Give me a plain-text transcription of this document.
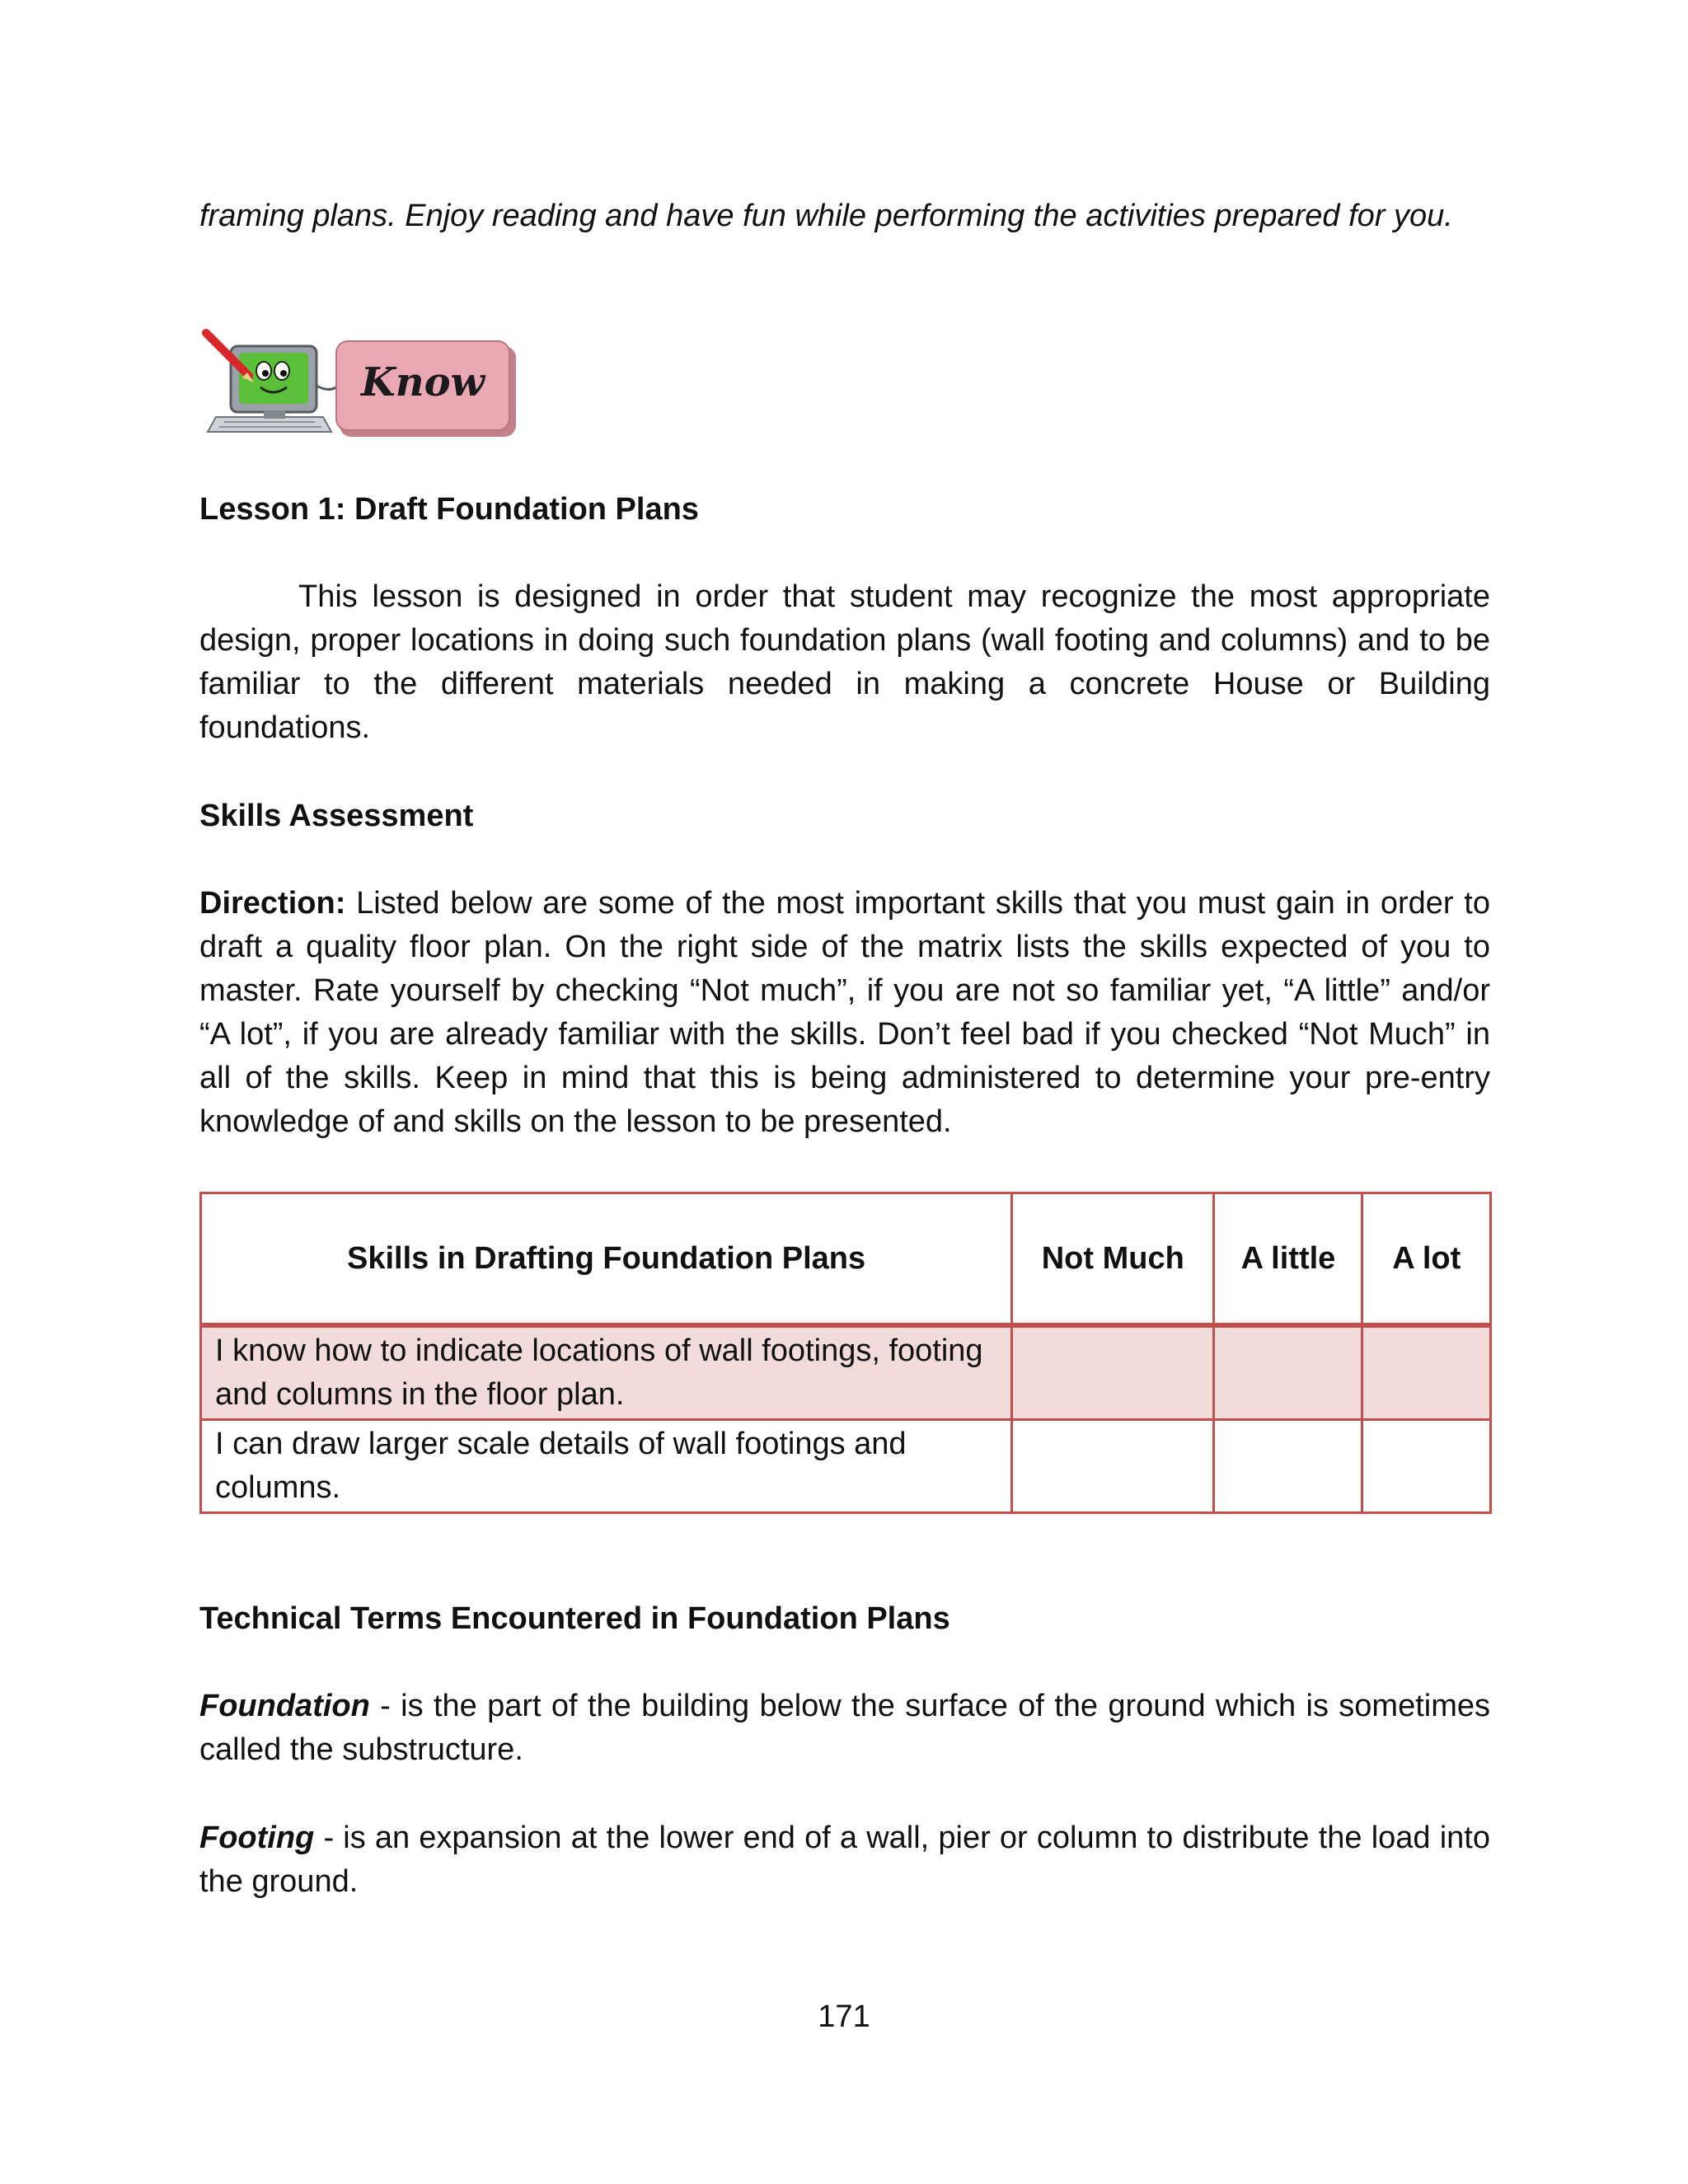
framing plans. Enjoy reading and have fun while performing the activities prepared for you.

Know

Lesson 1: Draft Foundation Plans

This lesson is designed in order that student may recognize the most appropriate design, proper locations in doing such foundation plans (wall footing and columns) and to be familiar to the different materials needed in making a concrete House or Building foundations.

Skills Assessment

Direction: Listed below are some of the most important skills that you must gain in order to draft a quality floor plan. On the right side of the matrix lists the skills expected of you to master. Rate yourself by checking “Not much”, if you are not so familiar yet, “A little” and/or “A lot”, if you are already familiar with the skills. Don’t feel bad if you checked “Not Much” in all of the skills. Keep in mind that this is being administered to determine your pre-entry knowledge of and skills on the lesson to be presented.

Skills in Drafting Foundation Plans	Not Much	A little	A lot
I know how to indicate locations of wall footings, footing and columns in the floor plan.			
I can draw larger scale details of wall footings and columns.			

Technical Terms Encountered in Foundation Plans

Foundation - is the part of the building below the surface of the ground which is sometimes called the substructure.

Footing - is an expansion at the lower end of a wall, pier or column to distribute the load into the ground.

171
